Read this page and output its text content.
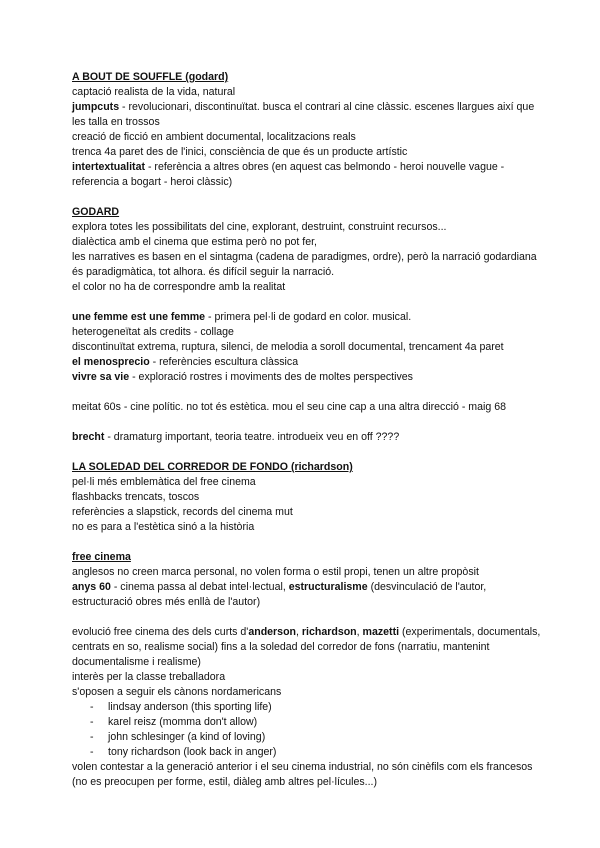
A BOUT DE SOUFFLE (godard)

captació realista de la vida, natural

jumpcuts - revolucionari, discontinuïtat. busca el contrari al cine clàssic. escenes llargues així que les talla en trossos

creació de ficció en ambient documental, localitzacions reals

trenca 4a paret des de l'inici, consciència de que és un producte artístic

intertextualitat - referència a altres obres (en aquest cas belmondo - heroi nouvelle vague - referencia a bogart - heroi clàssic)

GODARD

explora totes les possibilitats del cine, explorant, destruint, construint recursos...

dialèctica amb el cinema que estima però no pot fer,

les narratives es basen en el sintagma (cadena de paradigmes, ordre), però la narració godardiana és paradigmàtica, tot alhora. és difícil seguir la narració.

el color no ha de correspondre amb la realitat

une femme est une femme - primera pel·li de godard en color. musical.

heterogeneïtat als credits - collage

discontinuïtat extrema, ruptura, silenci, de melodia a soroll documental, trencament 4a paret

el menosprecio - referències escultura clàssica

vivre sa vie - exploració rostres i moviments des de moltes perspectives

meitat 60s - cine polític. no tot és estètica. mou el seu cine cap a una altra direcció - maig 68

brecht - dramaturg important, teoria teatre. introdueix veu en off ????

LA SOLEDAD DEL CORREDOR DE FONDO (richardson)

pel·li més emblemàtica del free cinema

flashbacks trencats, toscos

referències a slapstick, records del cinema mut

no es para a l'estètica sinó a la història

free cinema

anglesos no creen marca personal, no volen forma o estil propi, tenen un altre propòsit

anys 60 - cinema passa al debat intel·lectual, estructuralisme (desvinculació de l'autor, estructuració obres més enllà de l'autor)

evolució free cinema des dels curts d'anderson, richardson, mazetti (experimentals, documentals, centrats en so, realisme social) fins a la soledad del corredor de fons (narratiu, mantenint documentalisme i realisme)

interès per la classe treballadora

s'oposen a seguir els cànons nordamericans

- lindsay anderson (this sporting life)
- karel reisz (momma don't allow)
- john schlesinger (a kind of loving)
- tony richardson (look back in anger)

volen contestar a la generació anterior i el seu cinema industrial, no són cinèfils com els francesos (no es preocupen per forme, estil, diàleg amb altres pel·lícules...)
